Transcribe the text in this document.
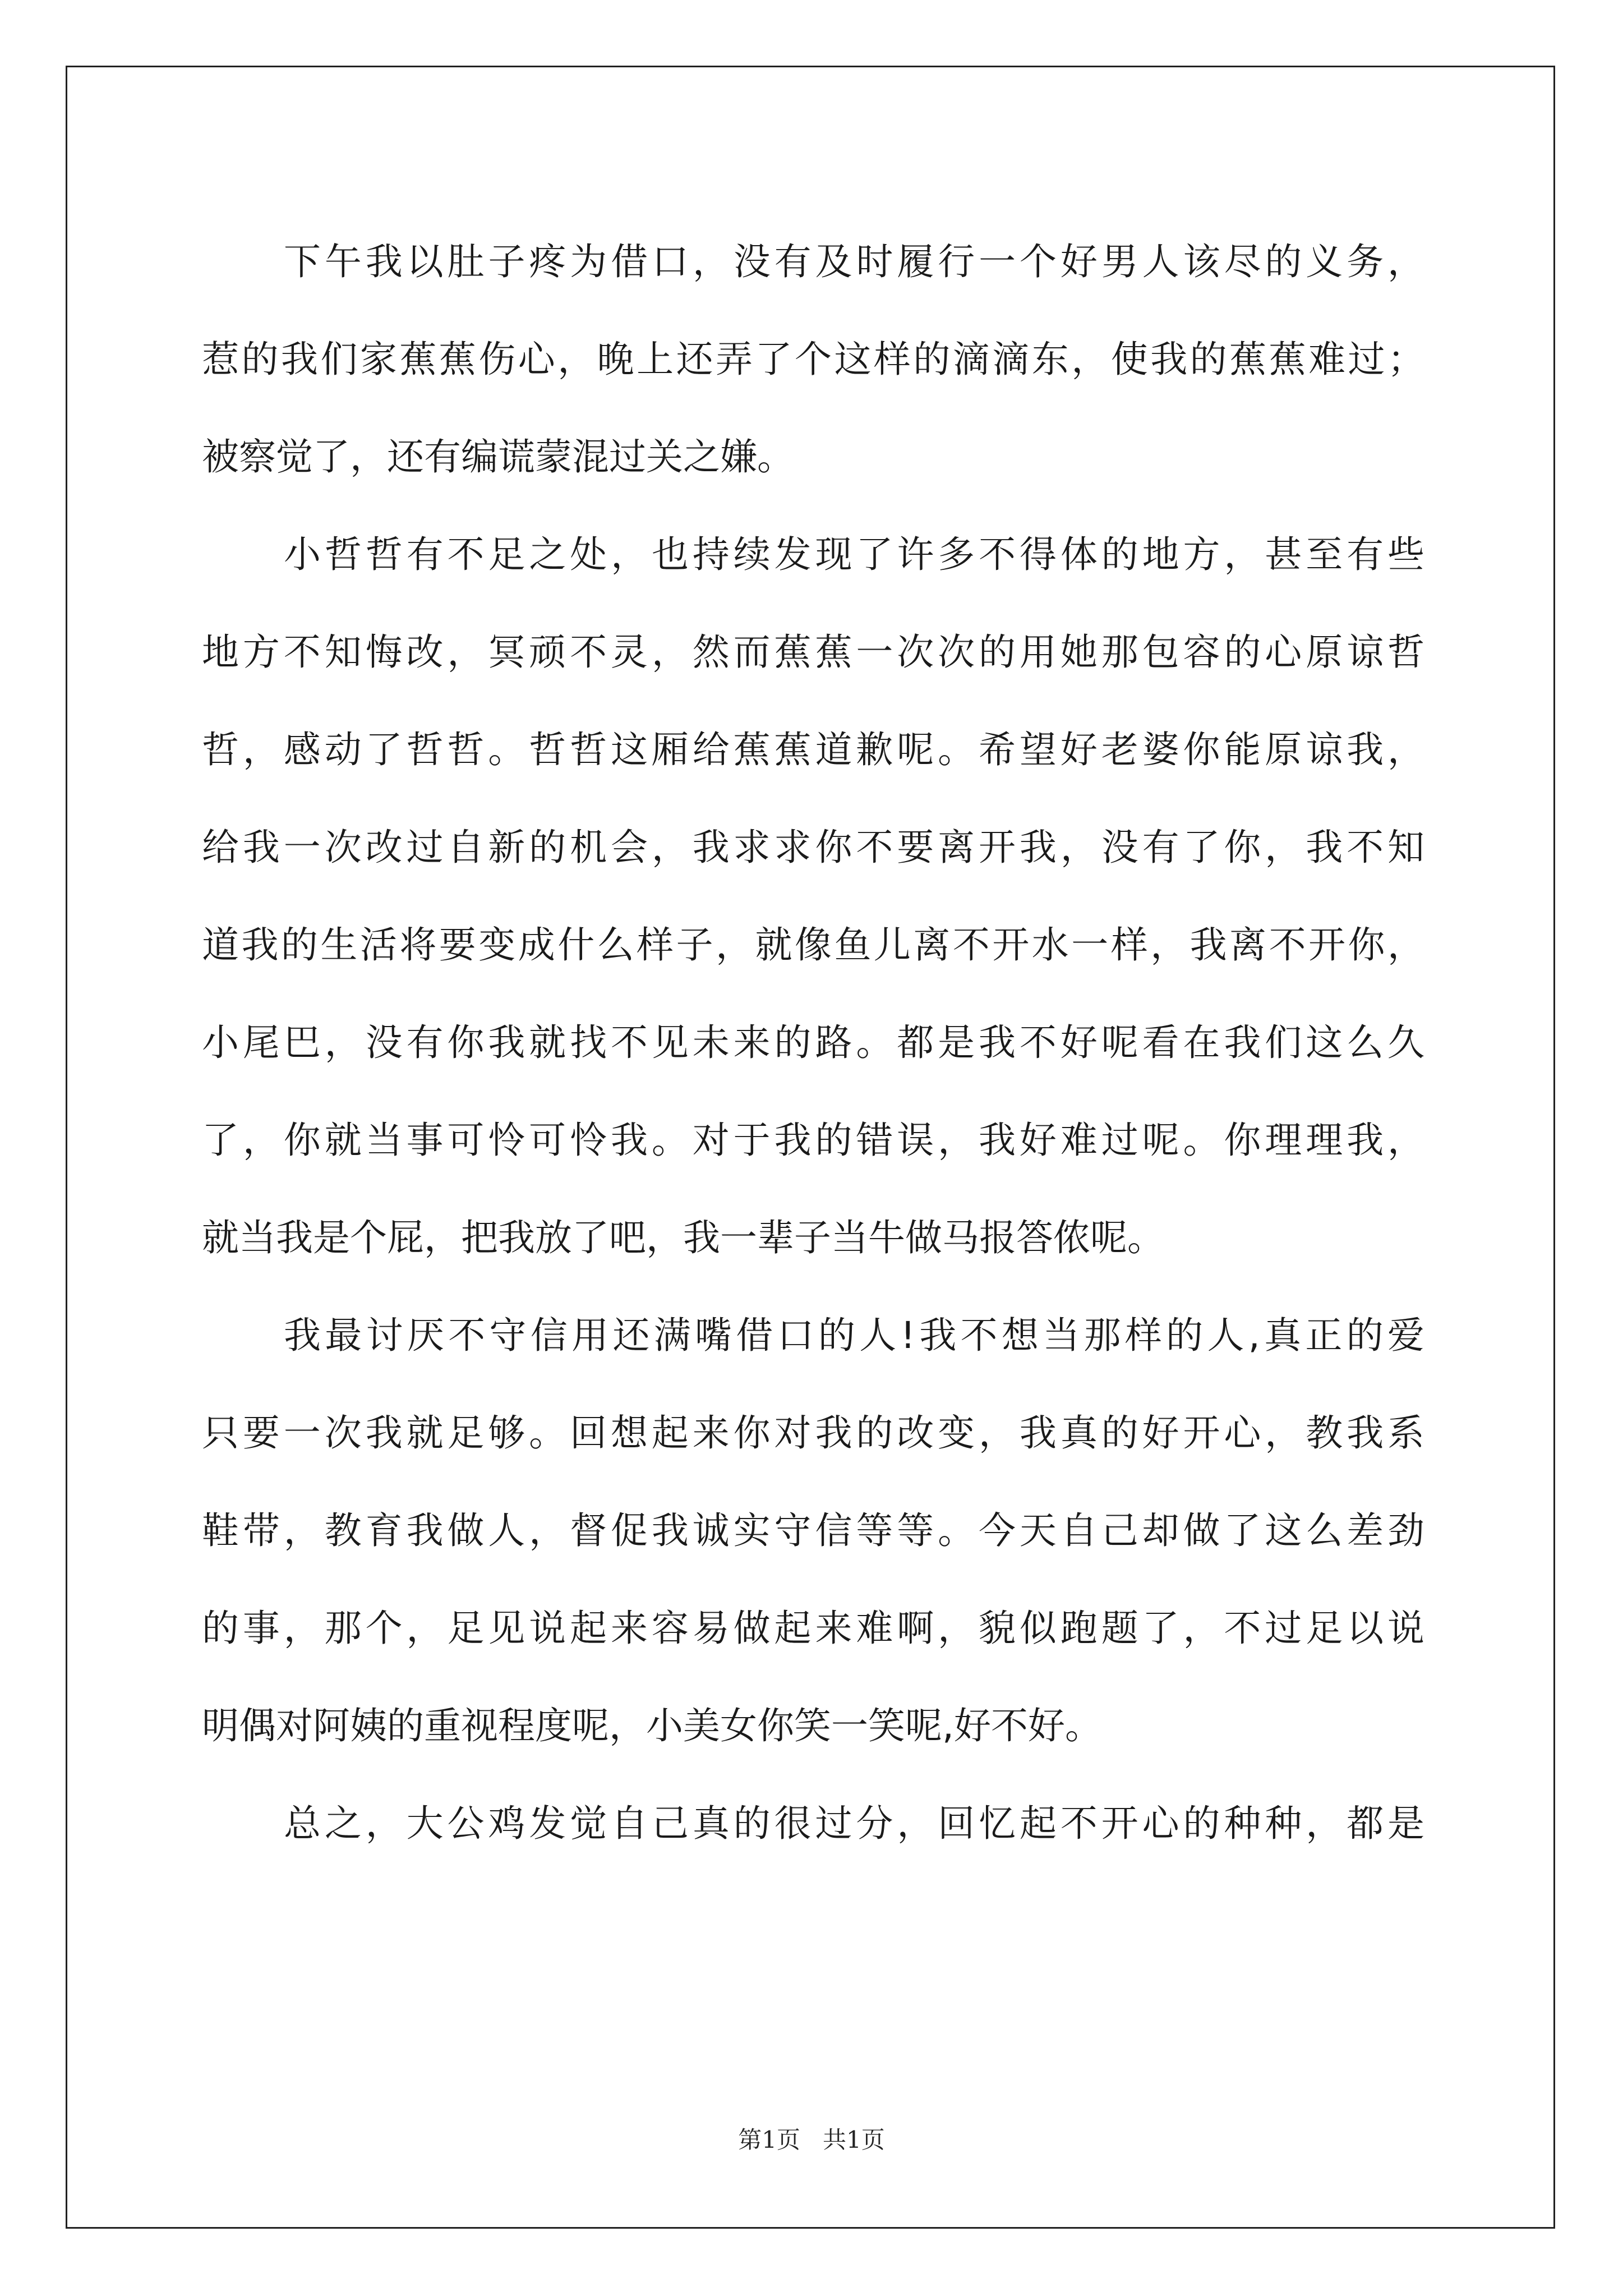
下午我以肚子疼为借口，没有及时履行一个好男人该尽的义务，
惹的我们家蕉蕉伤心，晚上还弄了个这样的滴滴东，使我的蕉蕉难过；
被察觉了，还有编谎蒙混过关之嫌。
小哲哲有不足之处，也持续发现了许多不得体的地方，甚至有些
地方不知悔改，冥顽不灵，然而蕉蕉一次次的用她那包容的心原谅哲
哲，感动了哲哲。哲哲这厢给蕉蕉道歉呢。希望好老婆你能原谅我，
给我一次改过自新的机会，我求求你不要离开我，没有了你，我不知
道我的生活将要变成什么样子，就像鱼儿离不开水一样，我离不开你，
小尾巴，没有你我就找不见未来的路。都是我不好呢看在我们这么久
了，你就当事可怜可怜我。对于我的错误，我好难过呢。你理理我，
就当我是个屁，把我放了吧，我一辈子当牛做马报答侬呢。
我最讨厌不守信用还满嘴借口的人!我不想当那样的人,真正的爱
只要一次我就足够。回想起来你对我的改变，我真的好开心，教我系
鞋带，教育我做人，督促我诚实守信等等。今天自己却做了这么差劲
的事，那个，足见说起来容易做起来难啊，貌似跑题了，不过足以说
明偶对阿姨的重视程度呢，小美女你笑一笑呢,好不好。
总之，大公鸡发觉自己真的很过分，回忆起不开心的种种，都是
第1页 共1页
